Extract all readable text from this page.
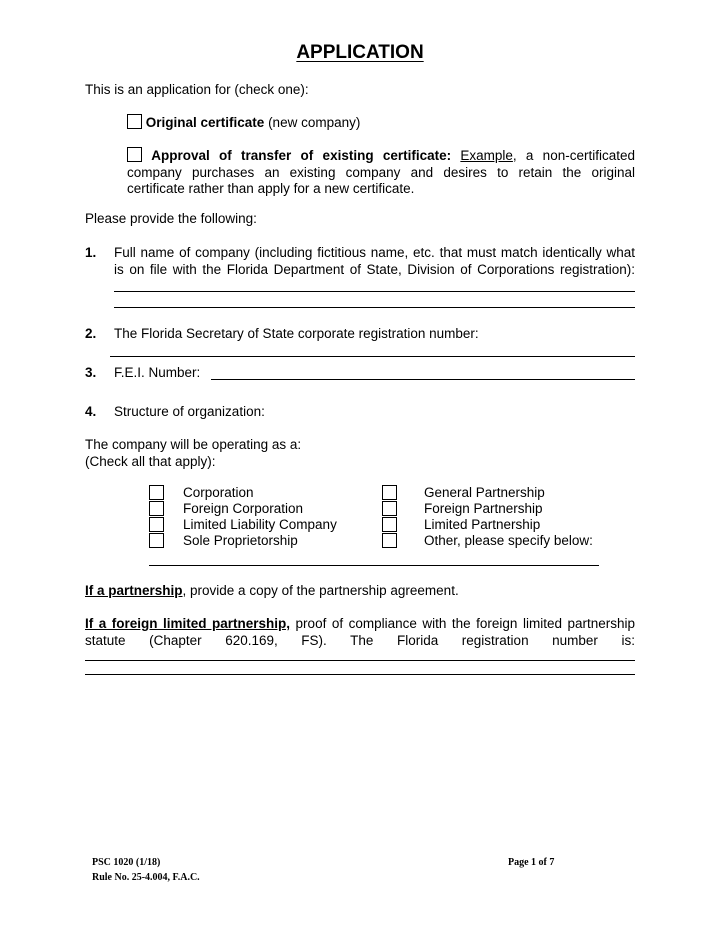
APPLICATION
This is an application for (check one):
Original certificate (new company)
Approval of transfer of existing certificate: Example, a non-certificated
company purchases an existing company and desires to retain the original
certificate rather than apply for a new certificate.
Please provide the following:
1. Full name of company (including fictitious name, etc. that must match identically what
is on file with the Florida Department of State, Division of Corporations registration):
2. The Florida Secretary of State corporate registration number:
3. F.E.I. Number:
4. Structure of organization:
The company will be operating as a:
(Check all that apply):
Corporation
Foreign Corporation
Limited Liability Company
Sole Proprietorship
General Partnership
Foreign Partnership
Limited Partnership
Other, please specify below:
If a partnership, provide a copy of the partnership agreement.
If a foreign limited partnership, proof of compliance with the foreign limited partnership
statute (Chapter 620.169, FS). The Florida registration number is:
PSC 1020 (1/18)
Rule No. 25-4.004, F.A.C.
Page 1 of 7
